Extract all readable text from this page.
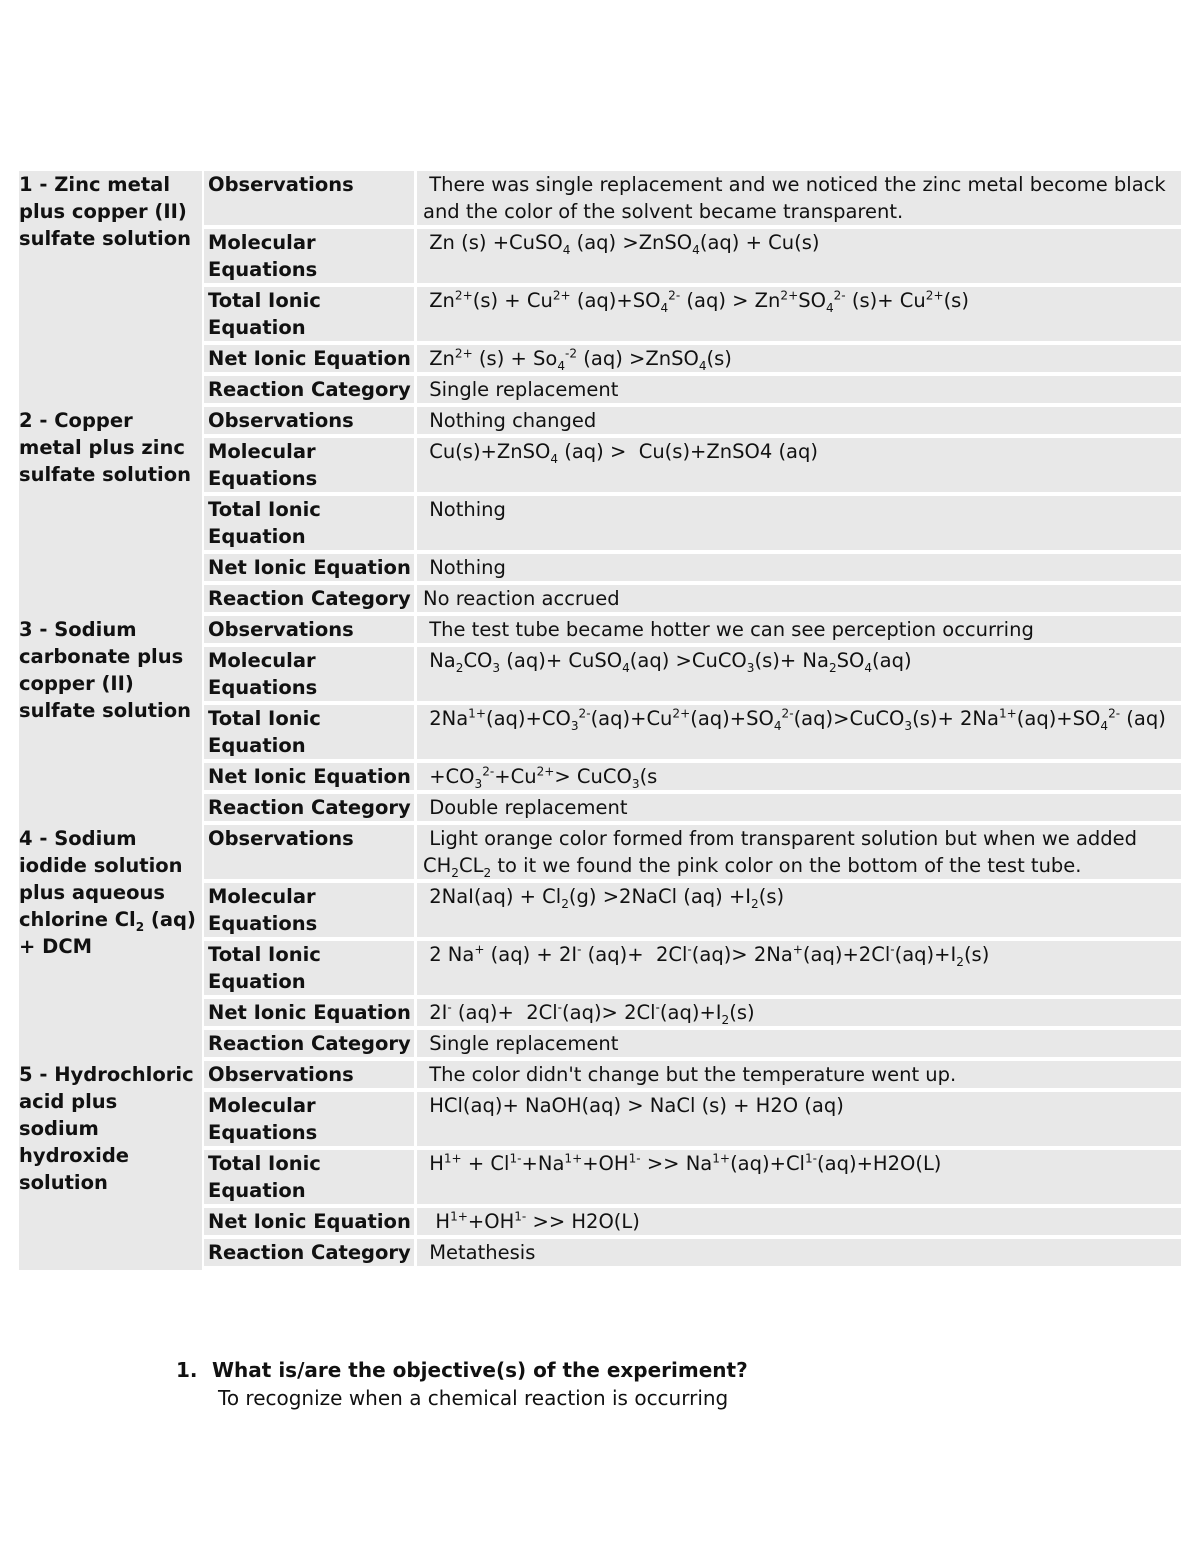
1 - Zinc metal plus copper (II) sulfate solution	Observations	There was single replacement and we noticed the zinc metal become black and the color of the solvent became transparent.
	Molecular Equations	Zn (s) +CuSO$_4$ (aq) >ZnSO$_4$(aq) + Cu(s)
	Total Ionic Equation	$Zn^{2+}(s) + Cu^{2+}$ $(aq)+SO_4^{2-}$ $(aq) > Zn^{2+}SO_4^{2-}$ $(s)+ Cu^{2+}(s)$
	Net Ionic Equation	$Zn^{2+}$ $(s) + So_4^{-2}$ (aq) >ZnSO$_4$(s)
	Reaction Category	Single replacement
2 - Copper metal plus zinc sulfate solution	Observations	Nothing changed
	Molecular Equations	Cu(s)+ZnSO$_4$ (aq) >  Cu(s)+ZnSO4 (aq)
	Total Ionic Equation	Nothing
	Net Ionic Equation	Nothing
	Reaction Category	No reaction accrued
3 - Sodium carbonate plus copper (II) sulfate solution	Observations	The test tube became hotter we can see perception occurring
	Molecular Equations	$Na_2CO_3$ (aq)+ CuSO$_4$(aq) >CuCO$_3$(s)+ $Na_2SO_4(aq)$
	Total Ionic Equation	$2Na^{1+}(aq)+CO_3^{2-}(aq)+Cu^{2+}(aq)+SO_4^{2-}(aq)>CuCO_3(s)+ 2Na^{1+}(aq)+SO_4^{2-}$ (aq)
	Net Ionic Equation	$+CO_3^{2-}+Cu^{2+}>$ CuCO$_3$(s
	Reaction Category	Double replacement
4 - Sodium iodide solution plus aqueous chlorine $Cl_2$ (aq) + DCM	Observations	Light orange color formed from transparent solution but when we added $CH_2CL_2$ to it we found the pink color on the bottom of the test tube.
	Molecular Equations	$2NaI(aq) + Cl_2(g)$ >2NaCl $(aq) +I_2(s)$
	Total Ionic Equation	2 Na+ (aq) + 2I- $(aq)+ 2Cl^-(aq)> 2Na^+(aq)+2Cl^-(aq)+I_2(s)$
	Net Ionic Equation	2I- $(aq)+ 2Cl^-(aq)> 2Cl^-(aq)+I_2(s)$
	Reaction Category	Single replacement
5 - Hydrochloric acid plus sodium hydroxide solution	Observations	The color didn't change but the temperature went up.
	Molecular Equations	HCl(aq)+ NaOH(aq) > NaCl (s) + H2O (aq)
	Total Ionic Equation	$H^{1+} + Cl^{1-}+Na^{1+}+OH^{1-} >> Na^{1+}(aq)+Cl^{1-}(aq)+H2O(L)$
	Net Ionic Equation	$H^{1+}+OH^{1-} >> H2O(L)$
	Reaction Category	Metathesis
1. What is/are the objective(s) of the experiment?
To recognize when a chemical reaction is occurring
